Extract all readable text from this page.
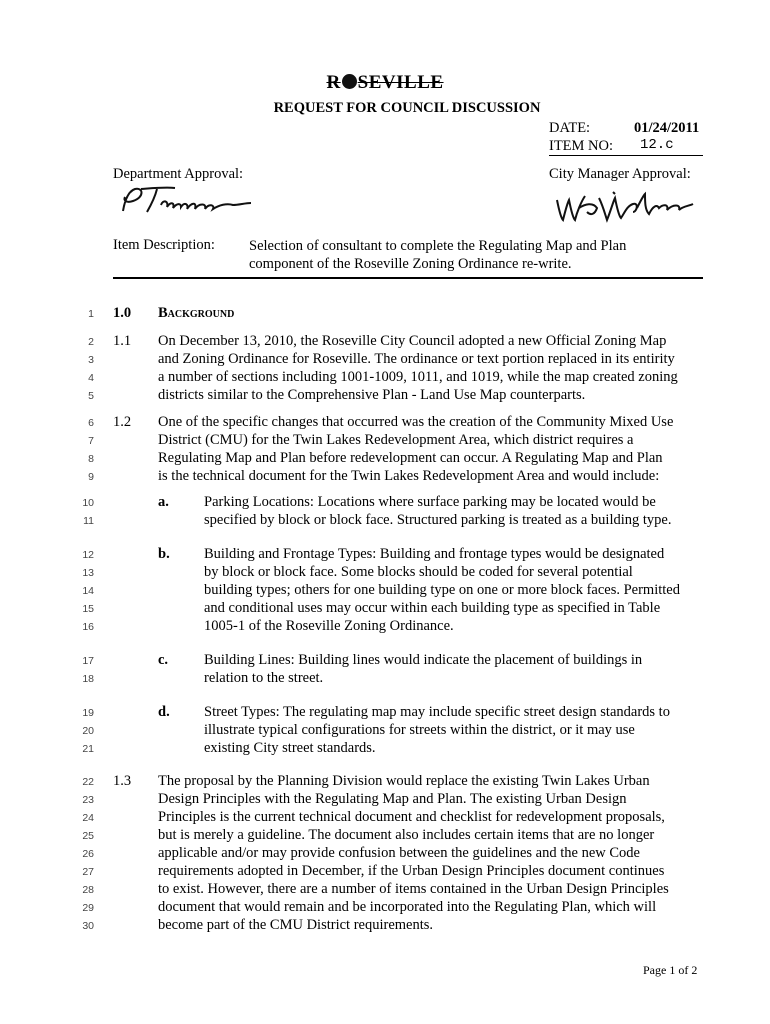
R SEVILLE
REQUEST FOR COUNCIL DISCUSSION
DATE:	01/24/2011
ITEM NO: 12.c
Department Approval:	City Manager Approval:
Item Description: Selection of consultant to complete the Regulating Map and Plan
component of the Roseville Zoning Ordinance re-write.
1
2
3
4
5
6
7
8
9
10
11
12
13
14
15
16
17
18
19
20
21
22
23
24
25
26
27
28
29
30
1.0 Background
1.1 On December 13, 2010, the Roseville City Council adopted a new Official Zoning Map
and Zoning Ordinance for Roseville. The ordinance or text portion replaced in its entirity
a number of sections including 1001-1009, 1011, and 1019, while the map created zoning
districts similar to the Comprehensive Plan - Land Use Map counterparts.
1.2 One of the specific changes that occurred was the creation of the Community Mixed Use
District (CMU) for the Twin Lakes Redevelopment Area, which district requires a
Regulating Map and Plan before redevelopment can occur. A Regulating Map and Plan
is the technical document for the Twin Lakes Redevelopment Area and would include:
a. Parking Locations: Locations where surface parking may be located would be
specified by block or block face. Structured parking is treated as a building type.
b. Building and Frontage Types: Building and frontage types would be designated
by block or block face. Some blocks should be coded for several potential
building types; others for one building type on one or more block faces. Permitted
and conditional uses may occur within each building type as specified in Table
1005-1 of the Roseville Zoning Ordinance.
c. Building Lines: Building lines would indicate the placement of buildings in
relation to the street.
d. Street Types: The regulating map may include specific street design standards to
illustrate typical configurations for streets within the district, or it may use
existing City street standards.
1.3 The proposal by the Planning Division would replace the existing Twin Lakes Urban
Design Principles with the Regulating Map and Plan. The existing Urban Design
Principles is the current technical document and checklist for redevelopment proposals,
but is merely a guideline. The document also includes certain items that are no longer
applicable and/or may provide confusion between the guidelines and the new Code
requirements adopted in December, if the Urban Design Principles document continues
to exist. However, there are a number of items contained in the Urban Design Principles
document that would remain and be incorporated into the Regulating Plan, which will
become part of the CMU District requirements.
Page 1 of 2
